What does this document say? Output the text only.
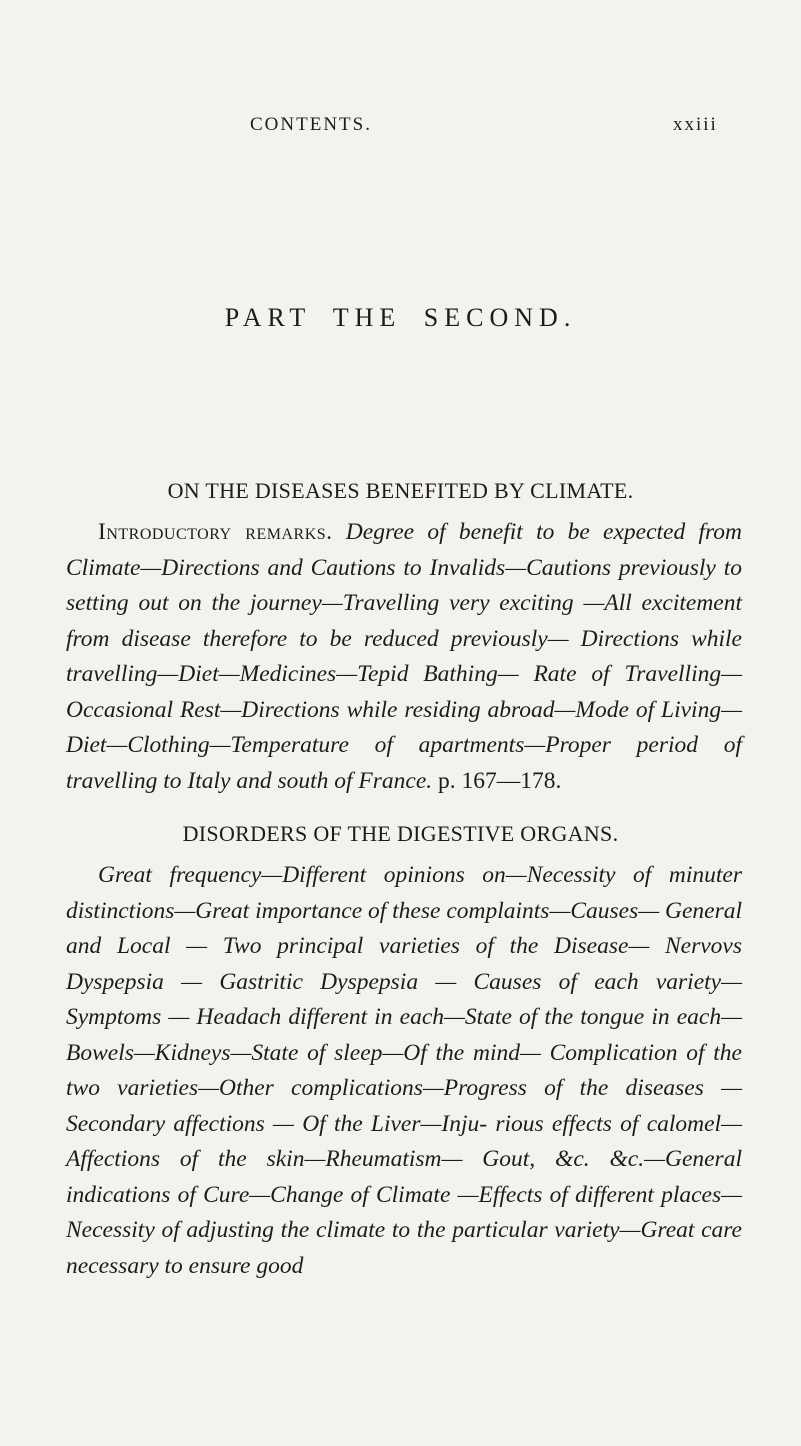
CONTENTS.	xxiii
PART THE SECOND.
ON THE DISEASES BENEFITED BY CLIMATE.
Introductory remarks. Degree of benefit to be expected from Climate—Directions and Cautions to Invalids—Cautions previously to setting out on the journey—Travelling very exciting —All excitement from disease therefore to be reduced previously— Directions while travelling—Diet—Medicines—Tepid Bathing— Rate of Travelling—Occasional Rest—Directions while residing abroad—Mode of Living—Diet—Clothing—Temperature of apartments—Proper period of travelling to Italy and south of France. p. 167—178.
DISORDERS OF THE DIGESTIVE ORGANS.
Great frequency—Different opinions on—Necessity of minuter distinctions—Great importance of these complaints—Causes— General and Local — Two principal varieties of the Disease— Nervovs Dyspepsia — Gastritic Dyspepsia — Causes of each variety—Symptoms — Headach different in each—State of the tongue in each—Bowels—Kidneys—State of sleep—Of the mind— Complication of the two varieties—Other complications—Progress of the diseases — Secondary affections — Of the Liver—Inju- rious effects of calomel—Affections of the skin—Rheumatism— Gout, &c. &c.—General indications of Cure—Change of Climate —Effects of different places—Necessity of adjusting the climate to the particular variety—Great care necessary to ensure good
